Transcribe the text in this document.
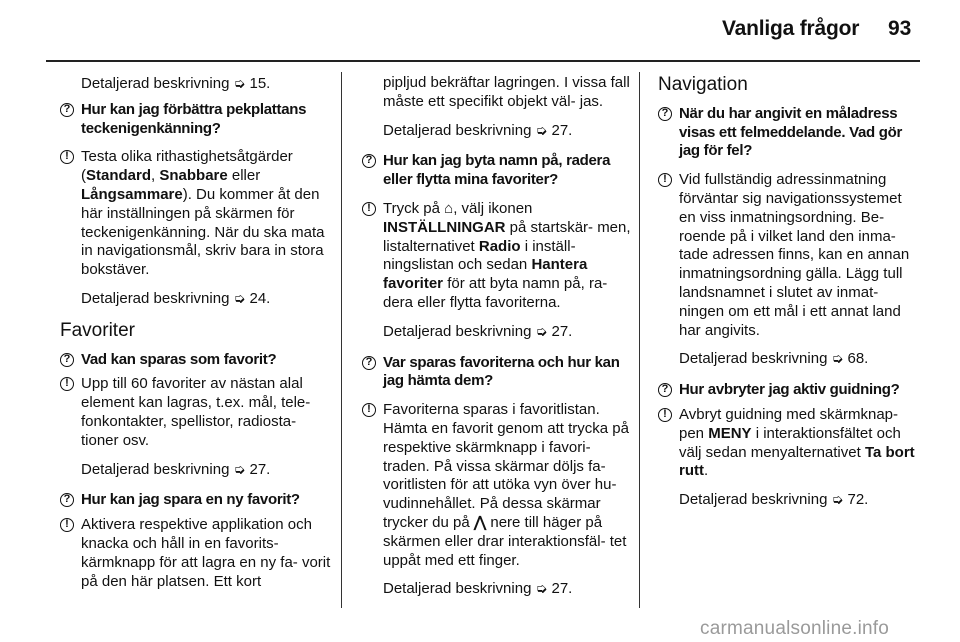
Vanliga frågor 93

Detaljerad beskrivning ➭ 15.

? Hur kan jag förbättra pekplattans teckenigenkänning?
! Testa olika rithastighetsåtgärder (Standard, Snabbare eller Långsammare). Du kommer åt den här inställningen på skärmen för teckenigenkänning. När du ska mata in navigationsmål, skriv bara in stora bokstäver.

Detaljerad beskrivning ➭ 24.

Favoriter

? Vad kan sparas som favorit?
! Upp till 60 favoriter av nästan alal element kan lagras, t.ex. mål, tele- fonkontakter, spellistor, radiosta- tioner osv.

Detaljerad beskrivning ➭ 27.

? Hur kan jag spara en ny favorit?
! Aktivera respektive applikation och knacka och håll in en favorits- kärmknapp för att lagra en ny fa- vorit på den här platsen. Ett kort

pipljud bekräftar lagringen. I vissa fall måste ett specifikt objekt väl- jas.

Detaljerad beskrivning ➭ 27.

? Hur kan jag byta namn på, radera eller flytta mina favoriter?
! Tryck på ⌂, välj ikonen INSTÄLLNINGAR på startskär- men, listalternativet Radio i inställ- ningslistan och sedan Hantera favoriter för att byta namn på, ra- dera eller flytta favoriterna.

Detaljerad beskrivning ➭ 27.

? Var sparas favoriterna och hur kan jag hämta dem?
! Favoriterna sparas i favoritlistan. Hämta en favorit genom att trycka på respektive skärmknapp i favori- traden. På vissa skärmar döljs fa- voritlisten för att utöka vyn över hu- vudinnehållet. På dessa skärmar trycker du på ⋀ nere till häger på skärmen eller drar interaktionsfäl- tet uppåt med ett finger.

Detaljerad beskrivning ➭ 27.

Navigation

? När du har angivit en måladress visas ett felmeddelande. Vad gör jag för fel?
! Vid fullständig adressinmatning förväntar sig navigationssystemet en viss inmatningsordning. Be- roende på i vilket land den inma- tade adressen finns, kan en annan inmatningsordning gälla. Lägg tull landsnamnet i slutet av inmat- ningen om ett mål i ett annat land har angivits.

Detaljerad beskrivning ➭ 68.

? Hur avbryter jag aktiv guidning?
! Avbryt guidning med skärmknap- pen MENY i interaktionsfältet och välj sedan menyalternativet Ta bort rutt.

Detaljerad beskrivning ➭ 72.

carmanualsonline.info
